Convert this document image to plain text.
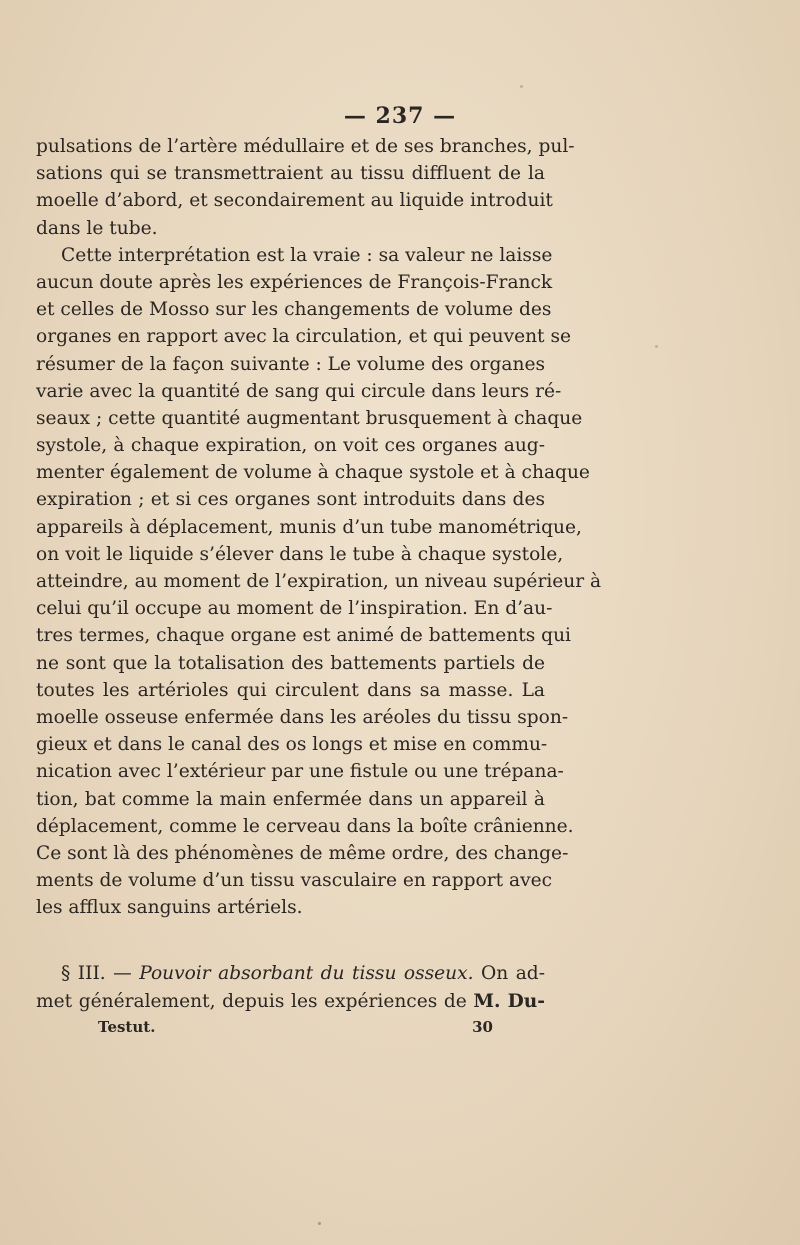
— 237 —
pulsations de l’artère médullaire et de ses branches, pul-
sations qui se transmettraient au tissu diffluent de la
moelle d’abord, et secondairement au liquide introduit
dans le tube.
Cette interprétation est la vraie : sa valeur ne laisse
aucun doute après les expériences de François-Franck
et celles de Mosso sur les changements de volume des
organes en rapport avec la circulation, et qui peuvent se
résumer de la façon suivante : Le volume des organes
varie avec la quantité de sang qui circule dans leurs ré-
seaux ; cette quantité augmentant brusquement à chaque
systole, à chaque expiration, on voit ces organes aug-
menter également de volume à chaque systole et à chaque
expiration ; et si ces organes sont introduits dans des
appareils à déplacement, munis d’un tube manométrique,
on voit le liquide s’élever dans le tube à chaque systole,
atteindre, au moment de l’expiration, un niveau supérieur à
celui qu’il occupe au moment de l’inspiration. En d’au-
tres termes, chaque organe est animé de battements qui
ne sont que la totalisation des battements partiels de
toutes les artérioles qui circulent dans sa masse. La
moelle osseuse enfermée dans les aréoles du tissu spon-
gieux et dans le canal des os longs et mise en commu-
nication avec l’extérieur par une fistule ou une trépana-
tion, bat comme la main enfermée dans un appareil à
déplacement, comme le cerveau dans la boîte crânienne.
Ce sont là des phénomènes de même ordre, des change-
ments de volume d’un tissu vasculaire en rapport avec
les afflux sanguins artériels.
§ III. — Pouvoir absorbant du tissu osseux. On ad-
met généralement, depuis les expériences de M. Du-
Testut.	30
